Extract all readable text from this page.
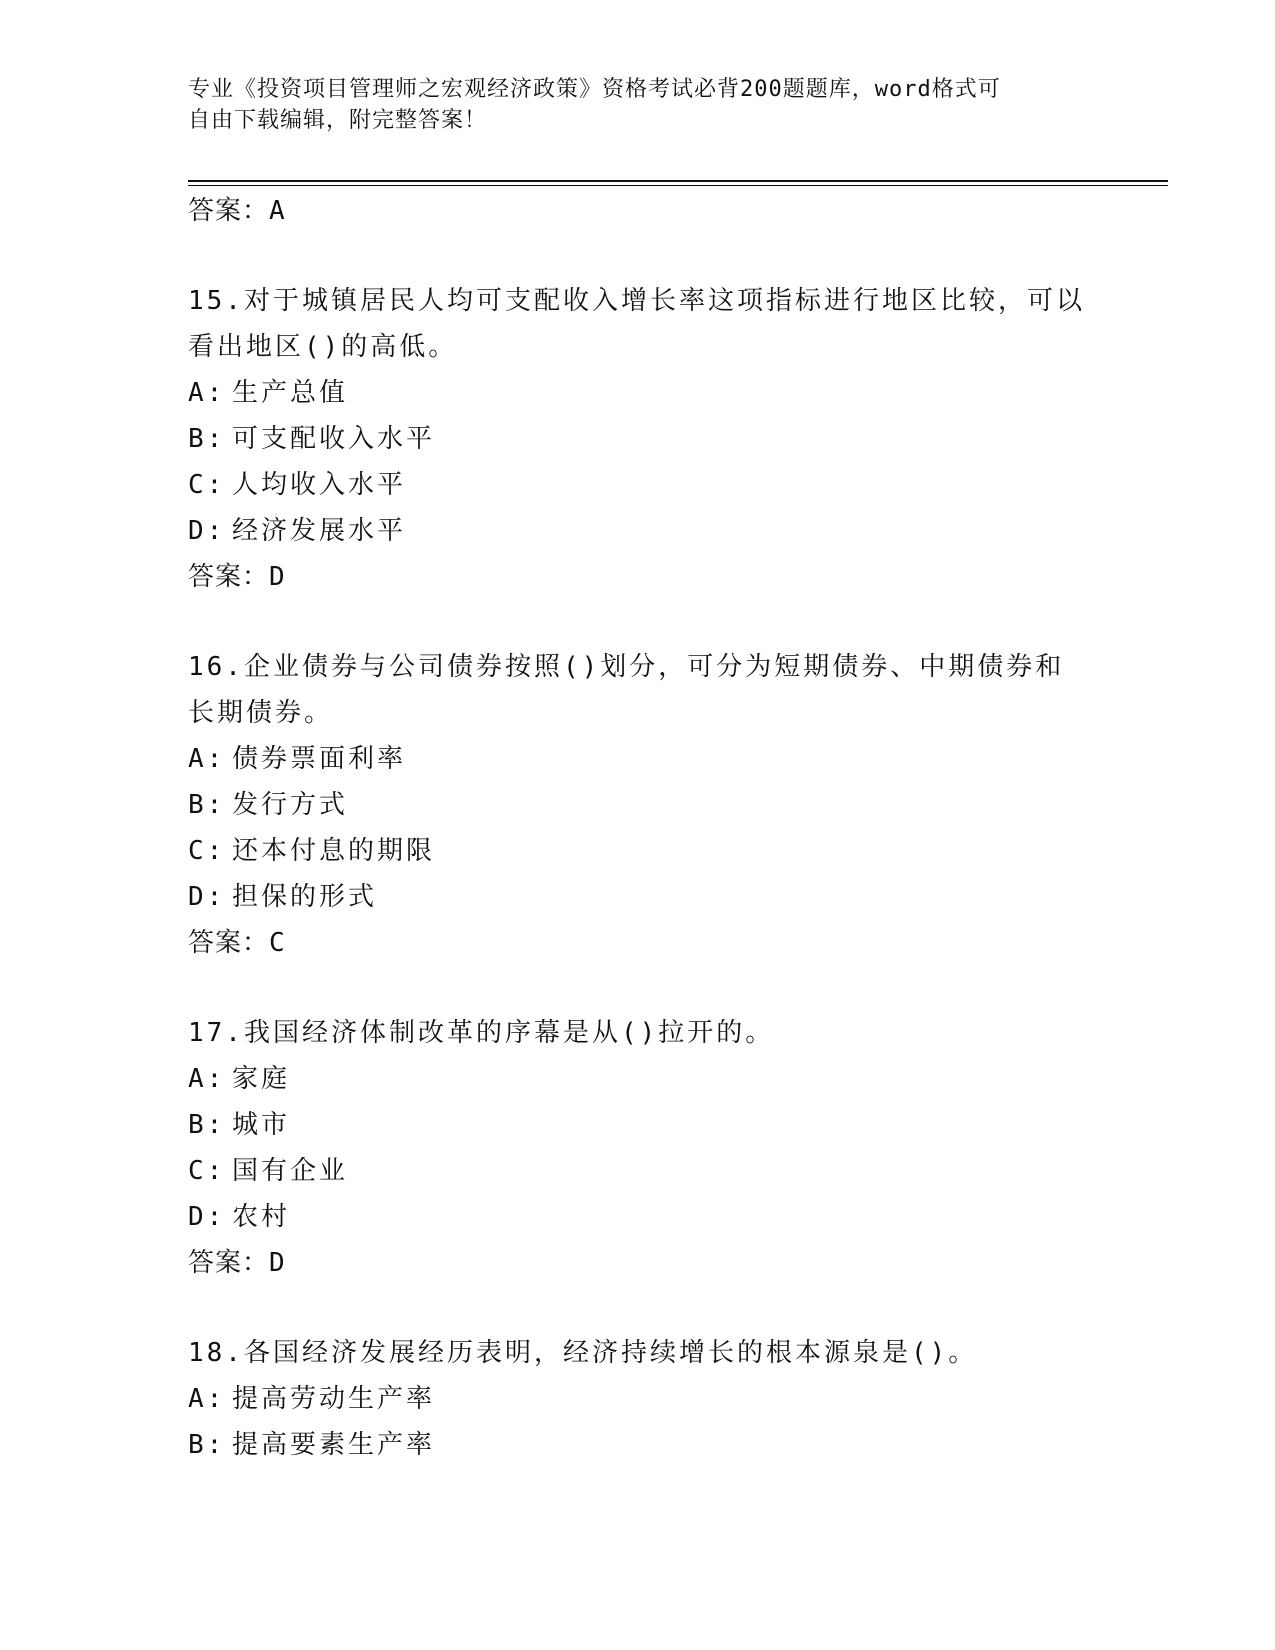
专业《投资项目管理师之宏观经济政策》资格考试必背200题题库，word格式可
自由下载编辑，附完整答案！
答案：A
15.对于城镇居民人均可支配收入增长率这项指标进行地区比较，可以看出地区()的高低。
A: 生产总值
B: 可支配收入水平
C: 人均收入水平
D: 经济发展水平
答案：D
16.企业债券与公司债券按照()划分，可分为短期债券、中期债券和长期债券。
A: 债券票面利率
B: 发行方式
C: 还本付息的期限
D: 担保的形式
答案：C
17.我国经济体制改革的序幕是从()拉开的。
A: 家庭
B: 城市
C: 国有企业
D: 农村
答案：D
18.各国经济发展经历表明，经济持续增长的根本源泉是()。
A: 提高劳动生产率
B: 提高要素生产率
